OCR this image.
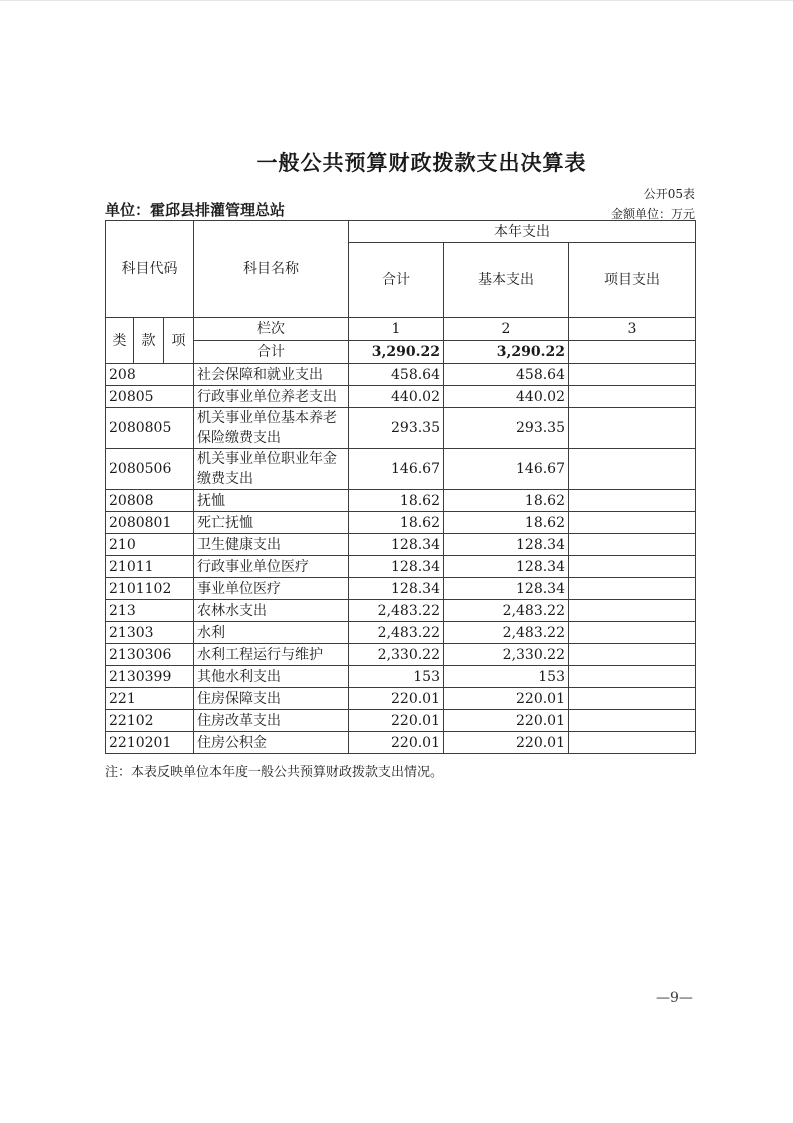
一般公共预算财政拨款支出决算表
公开05表
单位：霍邱县排灌管理总站	金额单位：万元
科目代码			科目名称	本年支出		
				合计	基本支出	项目支出
类	款	项	栏次	1	2	3
			合计	3,290.22	3,290.22	
208			社会保障和就业支出	458.64	458.64	
20805			行政事业单位养老支出	440.02	440.02	
2080805			机关事业单位基本养老保险缴费支出	293.35	293.35	
2080506			机关事业单位职业年金缴费支出	146.67	146.67	
20808			抚恤	18.62	18.62	
2080801			死亡抚恤	18.62	18.62	
210			卫生健康支出	128.34	128.34	
21011			行政事业单位医疗	128.34	128.34	
2101102			事业单位医疗	128.34	128.34	
213			农林水支出	2,483.22	2,483.22	
21303			水利	2,483.22	2,483.22	
2130306			水利工程运行与维护	2,330.22	2,330.22	
2130399			其他水利支出	153	153	
221			住房保障支出	220.01	220.01	
22102			住房改革支出	220.01	220.01	
2210201			住房公积金	220.01	220.01	
注：本表反映单位本年度一般公共预算财政拨款支出情况。
—9—
